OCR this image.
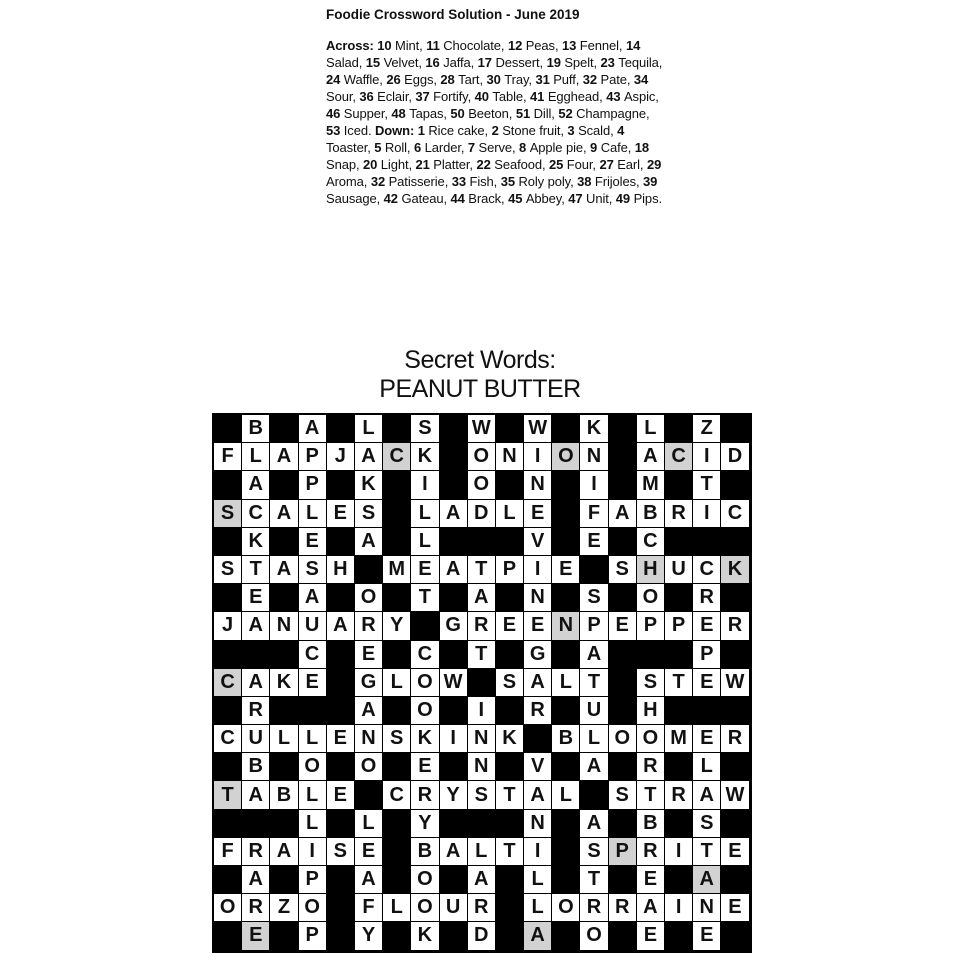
Foodie Crossword Solution - June 2019

Across: 10 Mint, 11 Chocolate, 12 Peas, 13 Fennel, 14 Salad, 15 Velvet, 16 Jaffa, 17 Dessert, 19 Spelt, 23 Tequila, 24 Waffle, 26 Eggs, 28 Tart, 30 Tray, 31 Puff, 32 Pate, 34 Sour, 36 Eclair, 37 Fortify, 40 Table, 41 Egghead, 43 Aspic, 46 Supper, 48 Tapas, 50 Beeton, 51 Dill, 52 Champagne, 53 Iced. Down: 1 Rice cake, 2 Stone fruit, 3 Scald, 4 Toaster, 5 Roll, 6 Larder, 7 Serve, 8 Apple pie, 9 Cafe, 18 Snap, 20 Light, 21 Platter, 22 Seafood, 25 Four, 27 Earl, 29 Aroma, 32 Patisserie, 33 Fish, 35 Roly poly, 38 Frijoles, 39 Sausage, 42 Gateau, 44 Brack, 45 Abbey, 47 Unit, 49 Pips.

Secret Words:

PEANUT BUTTER

B	A	L	S	W W	K	L	Z
F L A P J A C K	O N I O N	A C I D
A	P	K	I	O	N	I	M	T
S C A L E S	L A D L E	F A B R I C
K	E	A	L	V	E	C
S T A S H	M E A T P I E	S H U C K
E	A	O	T	A	N	S	O	R
J A N U A R Y	G R E E N P E P P E R
C	E	C	T	G	A	P
C A K E	G L O W	S A L T	S T E W
R	A	O	I	R	U	H
C U L L E N S K I N K	B L O O M E R
B	O	O	E	N	V	A	R	L
T A B L E	C R Y S T A L	S T R A W
L	L	Y	N	A	B	S
F R A I S E	B A L T I	S P R I T E
A	P	A	O	A	L	T	E	A
O R Z O	F L O U R	L O R R A I N E
E	P	Y	K	D	A	O	E	E
